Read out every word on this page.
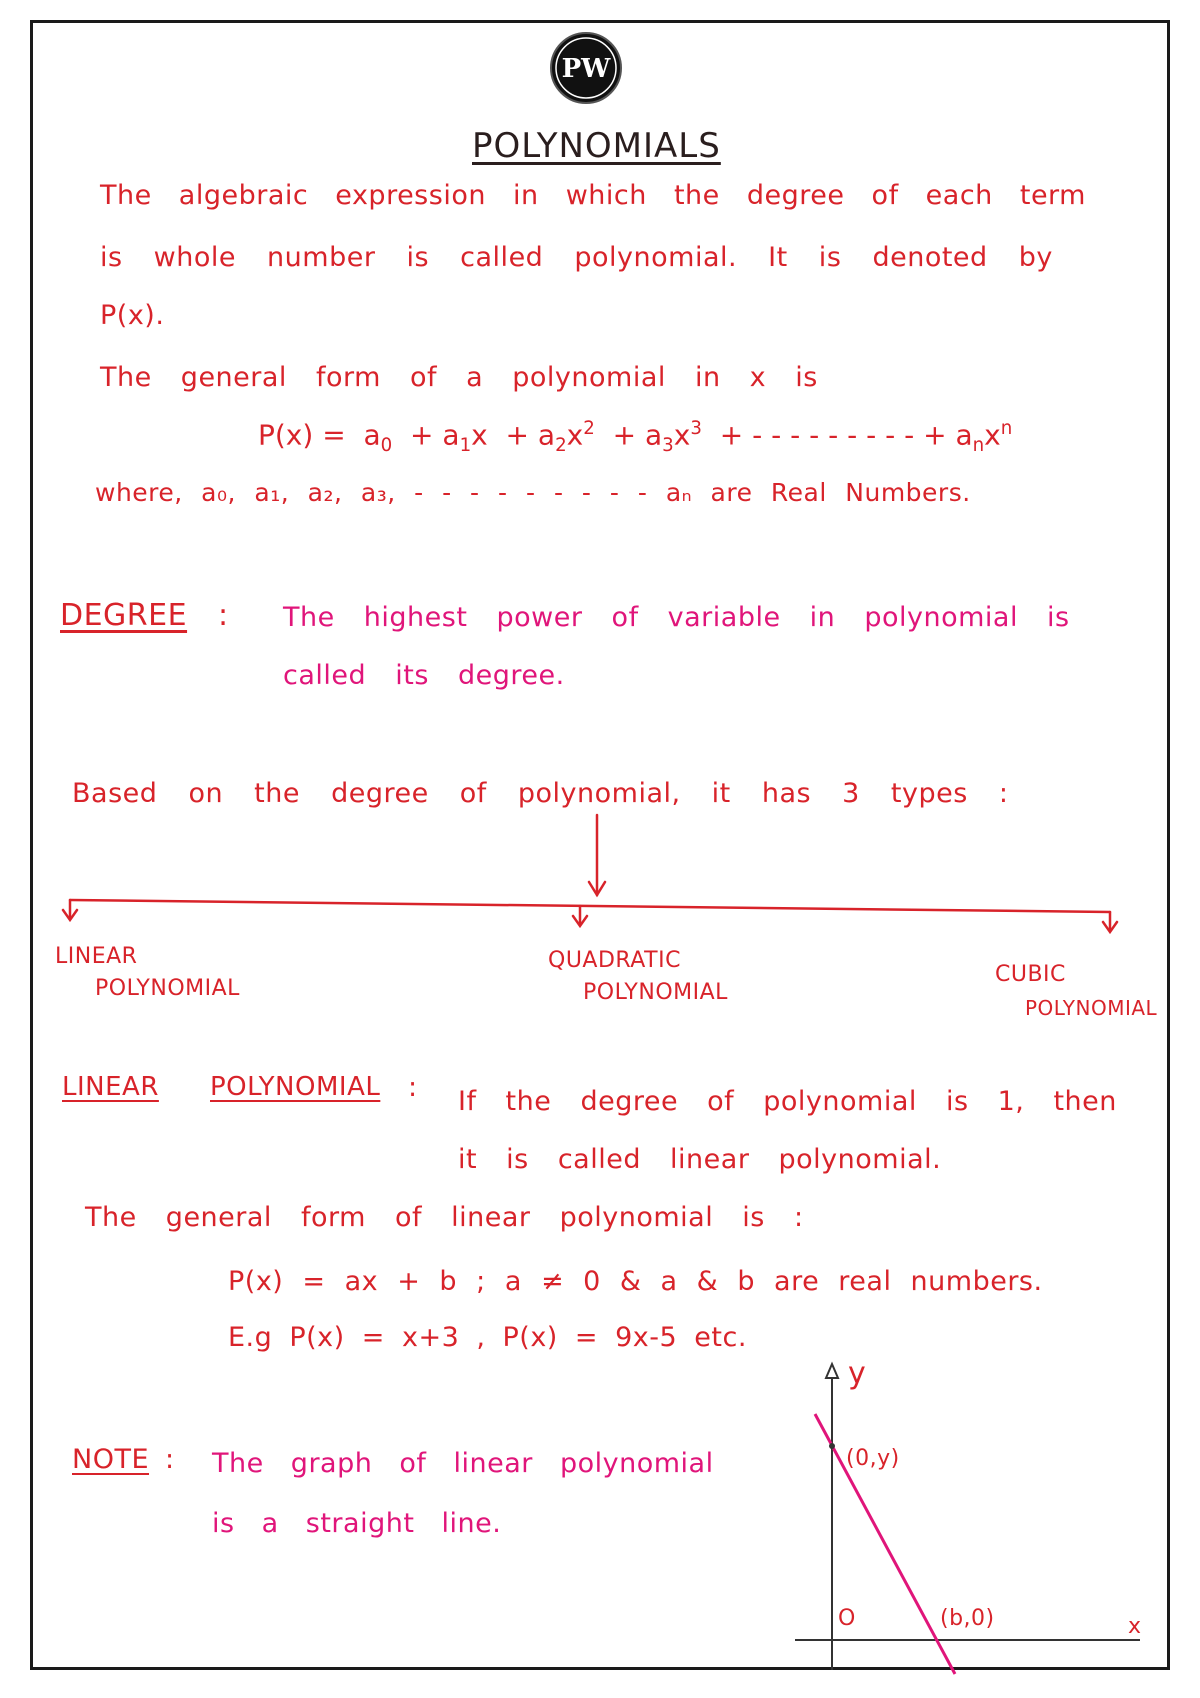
PW
POLYNOMIALS
The algebraic expression in which the degree of each term
is whole number is called polynomial. It is denoted by
P(x).
The general form of a polynomial in x is
$P(x) = a_0 + a_1x + a_2x^2 + a_3x^3$ + - - - - - - - - - + $a_nx^n$
where, a₀, a₁, a₂, a₃, - - - - - - - - - aₙ are Real Numbers.
DEGREE : The highest power of variable in polynomial is
called its degree.
Based on the degree of polynomial, it has 3 types :
LINEAR
POLYNOMIAL
QUADRATIC
POLYNOMIAL
CUBIC
POLYNOMIAL
LINEAR POLYNOMIAL : If the degree of polynomial is 1, then
it is called linear polynomial.
The general form of linear polynomial is :
P(x) = ax + b ; a ≠ 0 & a & b are real numbers.
E.g P(x) = x+3 , P(x) = 9x-5 etc.
NOTE : The graph of linear polynomial
is a straight line.
y
x
O
(0,y)
(b,0)
